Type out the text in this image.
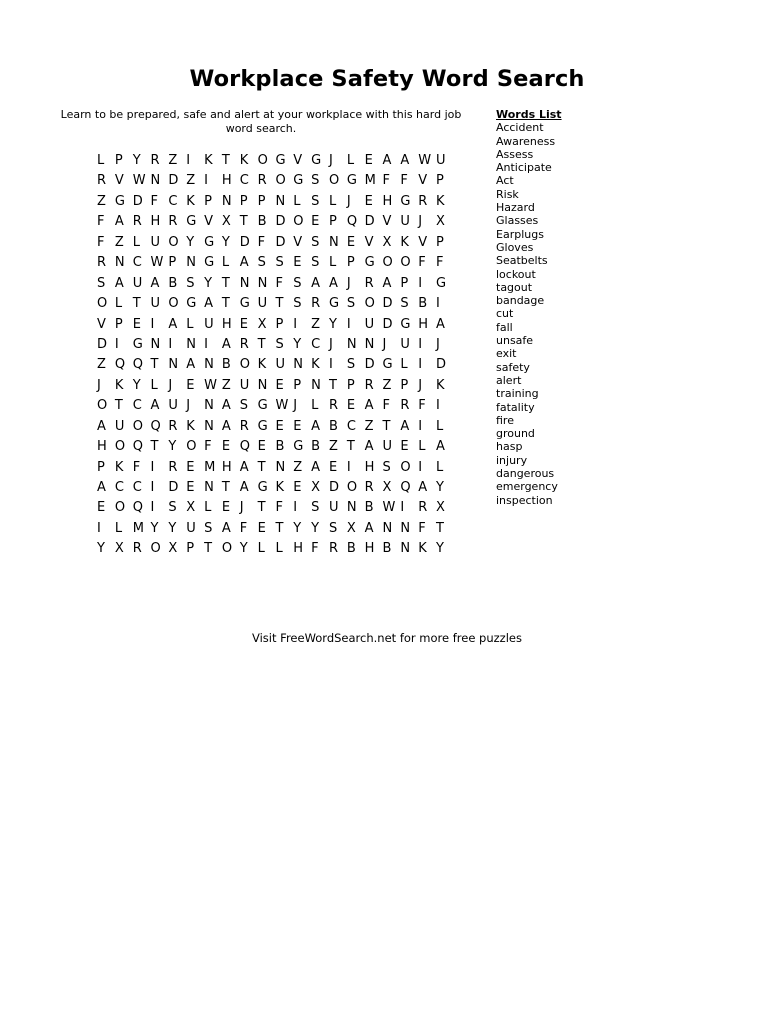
Workplace Safety Word Search

Learn to be prepared, safe and alert at your workplace with this hard job word search.

L P Y R Z I	K T K O G V G J	L E A A W U
R V W N D Z I	H C R O G S O G M F F V P
Z G D F C K P N P P N L S L J	E H G R K
F A R H R G V X T B D O E P Q D V U J	X
F Z L U O Y G Y D F D V S N E V X K V P
R N C W P N G L A S S E S L P G O O F F
S A U A B S Y T N N F S A A J	R A P I	G
O L T U O G A T G U T S R G S O D S B I
V P E I	A L U H E X P I	Z Y I	U D G H A
D I	G N I	N I	A R T S Y C J	N N J	U I	J
Z Q Q T N A N B O K U N K I	S D G L I	D
J	K Y L J	E W Z U N E P N T P R Z P J	K
O T C A U J	N A S G W J	L R E A F R F I
A U O Q R K N A R G E E A B C Z T A I	L
H O Q T Y O F E Q E B G B Z T A U E L A
P K F I	R E M H A T N Z A E I	H S O I	L
A C C I	D E N T A G K E X D O R X Q A Y
E O Q I	S X L E J	T F I	S U N B W I	R X
I	L M Y Y U S A F E T Y Y S X A N N F T
Y X R O X P T O Y L L H F R B H B N K Y

Words List

Accident
Awareness
Assess
Anticipate
Act
Risk
Hazard
Glasses
Earplugs
Gloves
Seatbelts
lockout
tagout
bandage
cut
fall
unsafe
exit
safety
alert
training
fatality
fire
ground
hasp
injury
dangerous
emergency
inspection

Visit FreeWordSearch.net for more free puzzles
